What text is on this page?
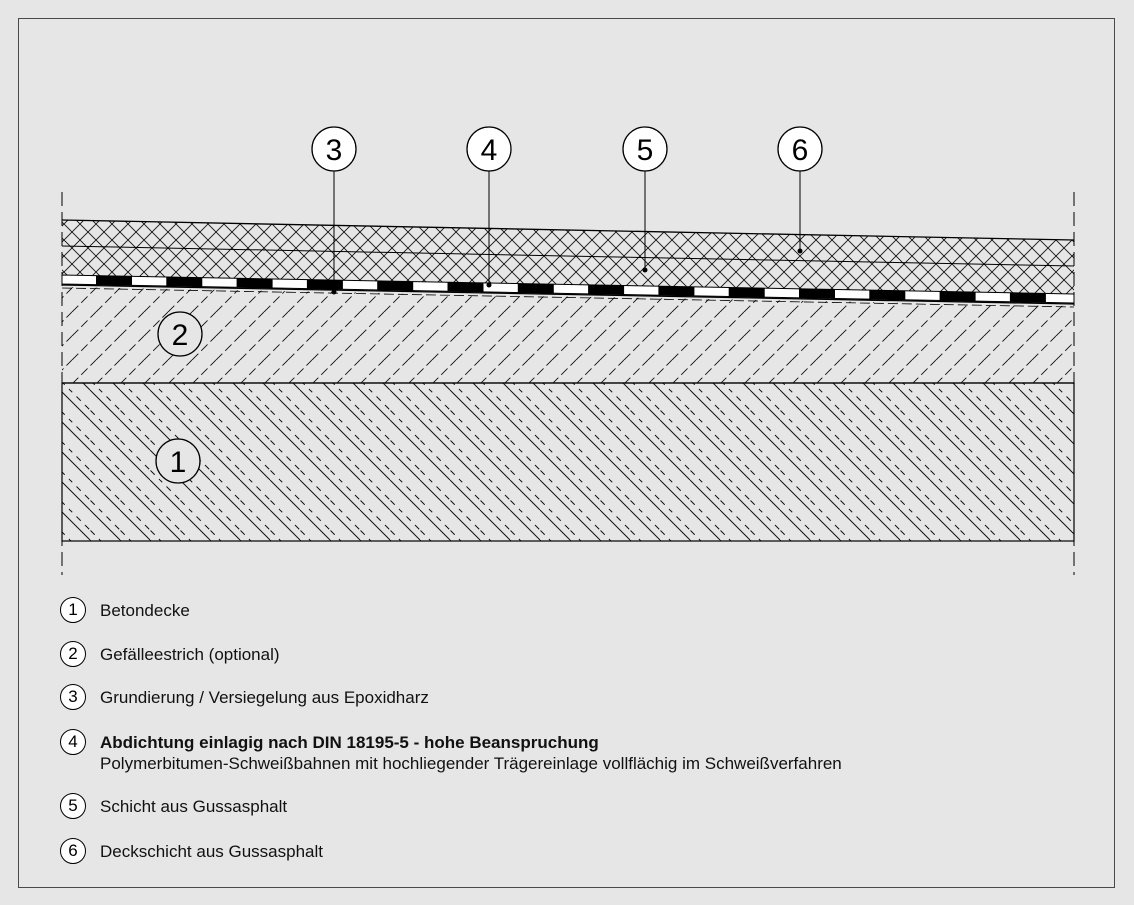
3	4	5	6
2
1
1	Betondecke
2	Gefälleestrich (optional)
3	Grundierung / Versiegelung aus Epoxidharz
4	Abdichtung einlagig nach DIN 18195-5 - hohe Beanspruchung
Polymerbitumen-Schweißbahnen mit hochliegender Trägereinlage vollflächig im Schweißverfahren
5	Schicht aus Gussasphalt
6	Deckschicht aus Gussasphalt
